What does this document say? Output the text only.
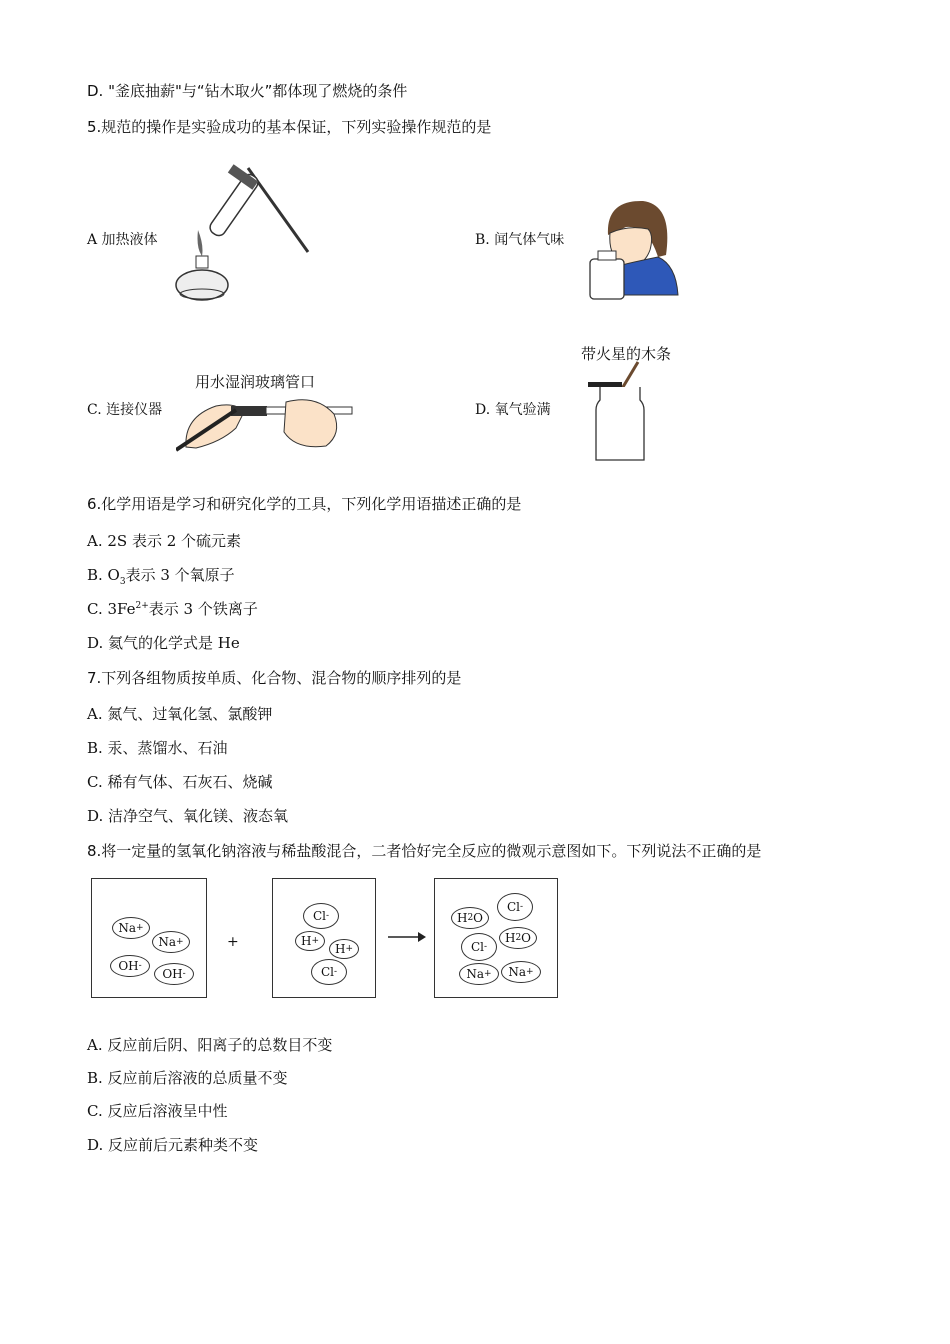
D. "釜底抽薪"与“钻木取火”都体现了燃烧的条件
5.规范的操作是实验成功的基本保证，下列实验操作规范的是
A 加热液体	B. 闻气体气味
用水湿润玻璃管口
C. 连接仪器
带火星的木条
D. 氧气验满
6.化学用语是学习和研究化学的工具，下列化学用语描述正确的是
A. 2S 表示 2 个硫元素
B. $O_3$表示 3 个氧原子
C. $3Fe^{2+}$表示 3 个铁离子
D. 氦气的化学式是 He
7.下列各组物质按单质、化合物、混合物的顺序排列的是
A. 氮气、过氧化氢、氯酸钾
B. 汞、蒸馏水、石油
C. 稀有气体、石灰石、烧碱
D. 洁净空气、氧化镁、液态氧
8.将一定量的氢氧化钠溶液与稀盐酸混合，二者恰好完全反应的微观示意图如下。下列说法不正确的是
Na +
Na +
OH -
OH -
+
Cl -
H +
H +
Cl -
H 2 O
Cl -
Cl -
H 2 O
Na + Na +
A. 反应前后阴、阳离子的总数目不变
B. 反应前后溶液的总质量不变
C. 反应后溶液呈中性
D. 反应前后元素种类不变
